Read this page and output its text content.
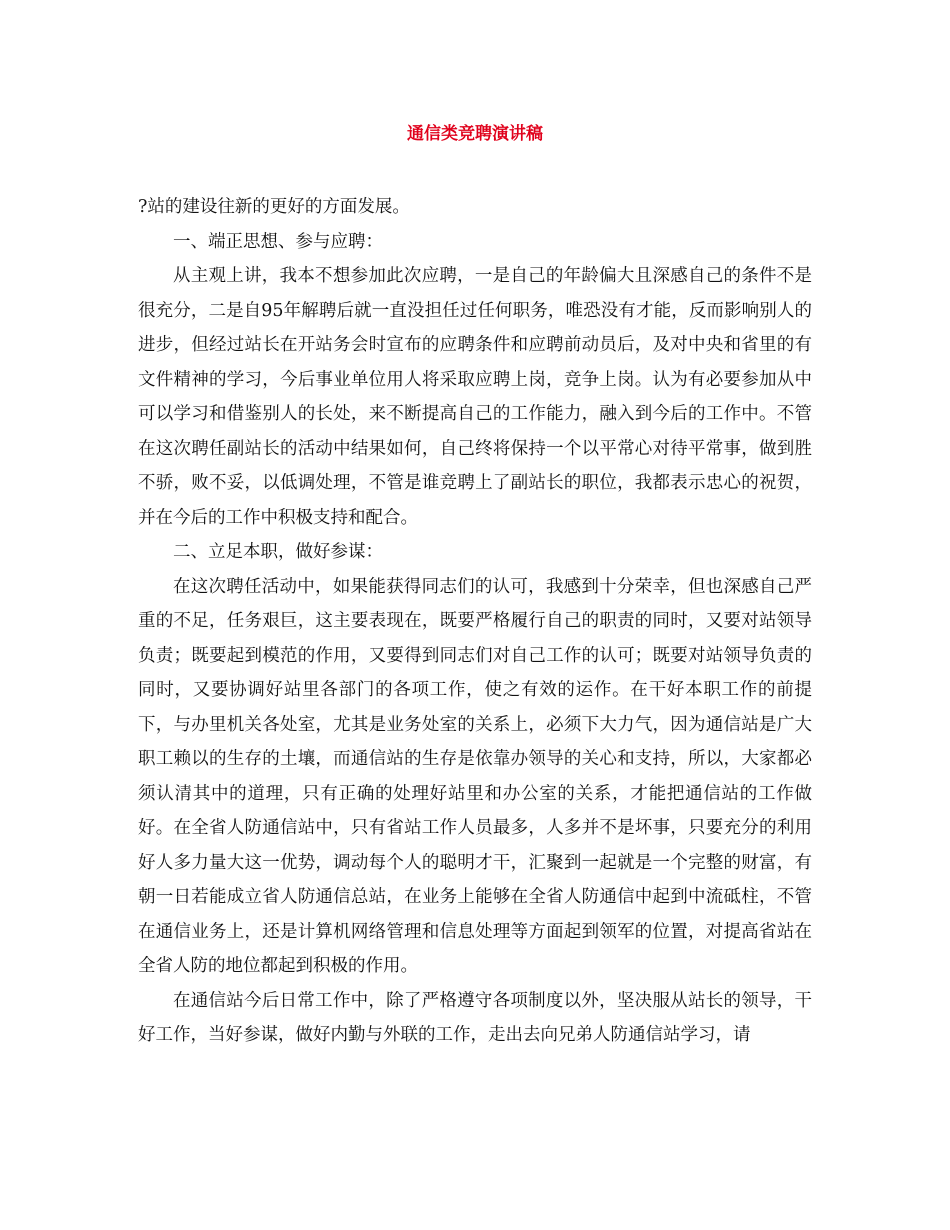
通信类竞聘演讲稿

?站的建设往新的更好的方面发展。

一、端正思想、参与应聘：

从主观上讲，我本不想参加此次应聘，一是自己的年龄偏大且深感自己的条件不是很充分，二是自95年解聘后就一直没担任过任何职务，唯恐没有才能，反而影响别人的进步，但经过站长在开站务会时宣布的应聘条件和应聘前动员后，及对中央和省里的有文件精神的学习，今后事业单位用人将采取应聘上岗，竞争上岗。认为有必要参加从中可以学习和借鉴别人的长处，来不断提高自己的工作能力，融入到今后的工作中。不管在这次聘任副站长的活动中结果如何，自己终将保持一个以平常心对待平常事，做到胜不骄，败不妥，以低调处理，不管是谁竞聘上了副站长的职位，我都表示忠心的祝贺，并在今后的工作中积极支持和配合。

二、立足本职，做好参谋：

在这次聘任活动中，如果能获得同志们的认可，我感到十分荣幸，但也深感自己严重的不足，任务艰巨，这主要表现在，既要严格履行自己的职责的同时，又要对站领导负责；既要起到模范的作用，又要得到同志们对自己工作的认可；既要对站领导负责的同时，又要协调好站里各部门的各项工作，使之有效的运作。在干好本职工作的前提下，与办里机关各处室，尤其是业务处室的关系上，必须下大力气，因为通信站是广大职工赖以的生存的土壤，而通信站的生存是依靠办领导的关心和支持，所以，大家都必须认清其中的道理，只有正确的处理好站里和办公室的关系，才能把通信站的工作做好。在全省人防通信站中，只有省站工作人员最多，人多并不是坏事，只要充分的利用好人多力量大这一优势，调动每个人的聪明才干，汇聚到一起就是一个完整的财富，有朝一日若能成立省人防通信总站，在业务上能够在全省人防通信中起到中流砥柱，不管在通信业务上，还是计算机网络管理和信息处理等方面起到领军的位置，对提高省站在全省人防的地位都起到积极的作用。

在通信站今后日常工作中，除了严格遵守各项制度以外，坚决服从站长的领导，干好工作，当好参谋，做好内勤与外联的工作，走出去向兄弟人防通信站学习，请
